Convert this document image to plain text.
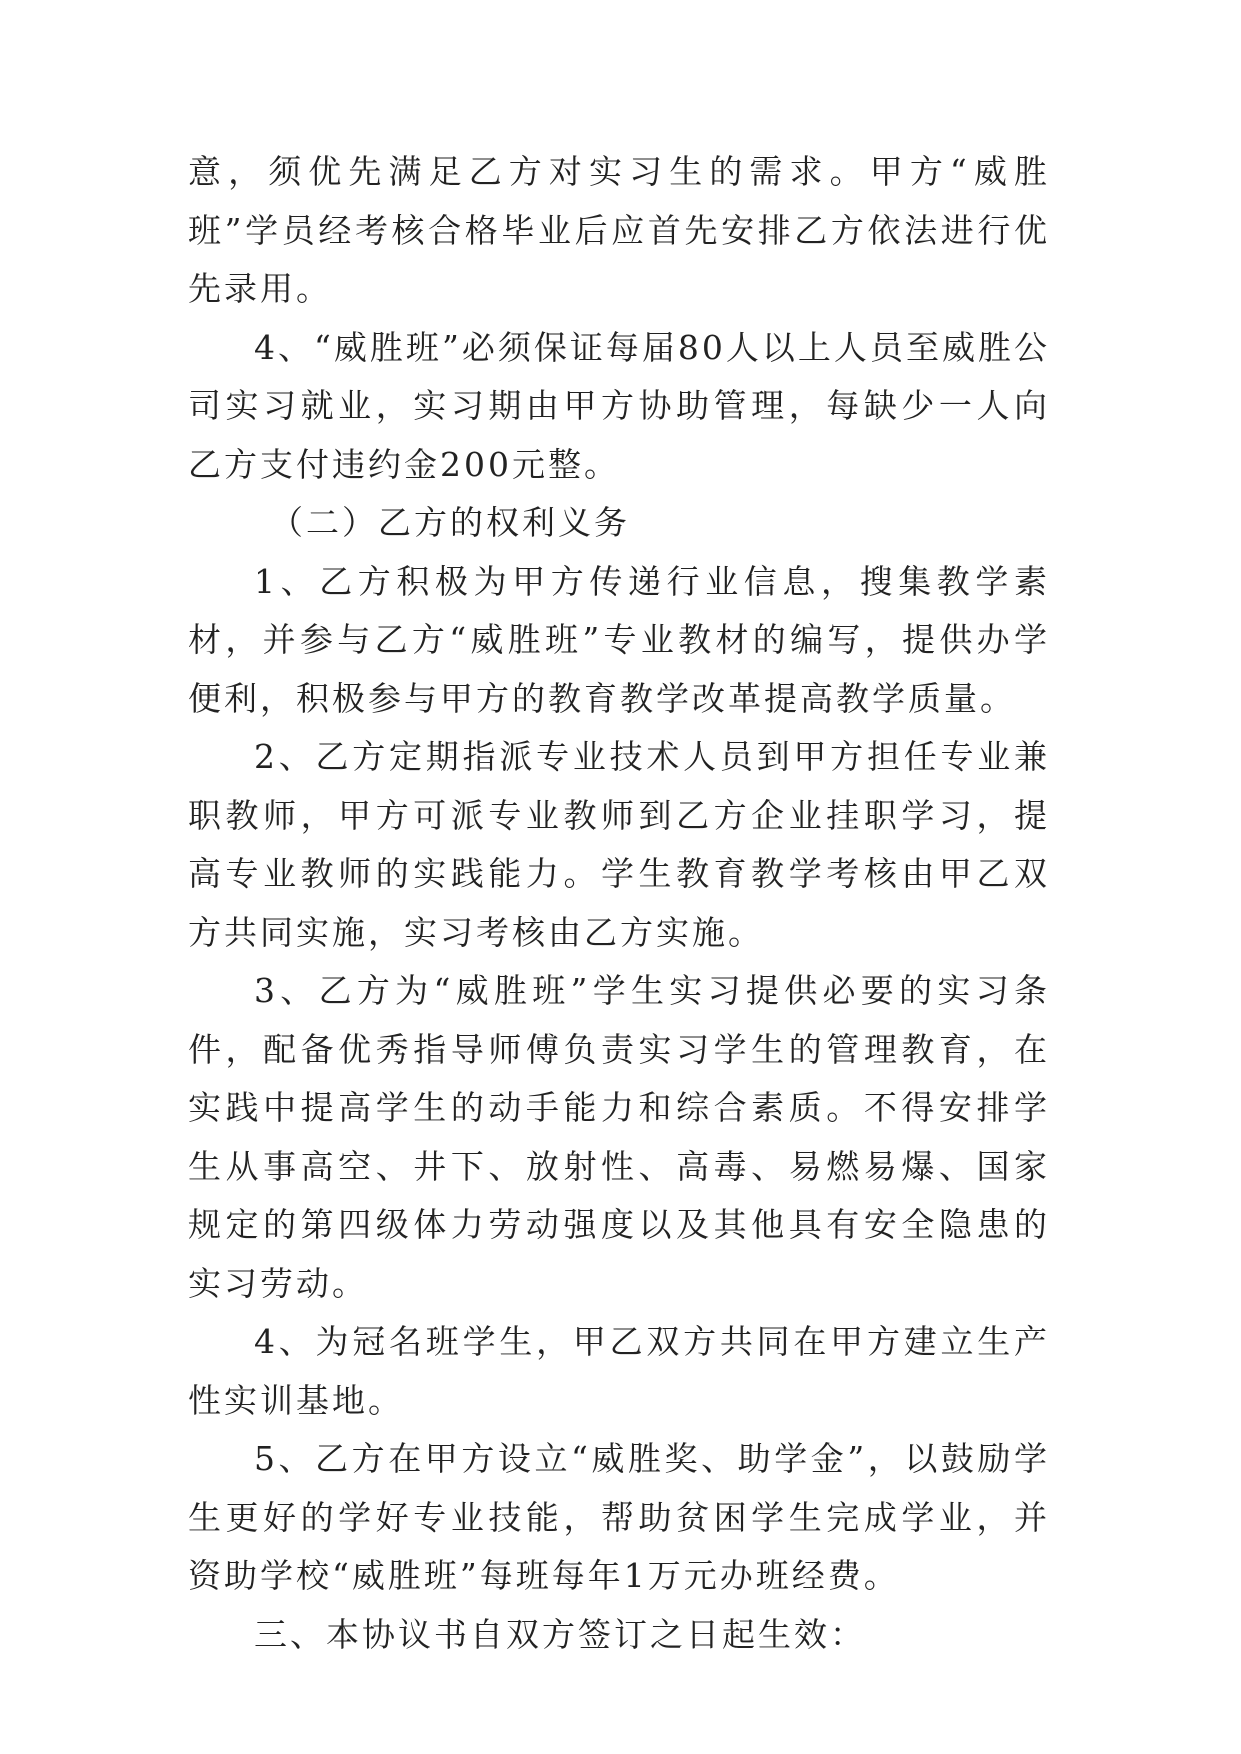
意，须优先满足乙方对实习生的需求。甲方“威胜班”学员经考核合格毕业后应首先安排乙方依法进行优先录用。

4、“威胜班”必须保证每届80人以上人员至威胜公司实习就业，实习期由甲方协助管理，每缺少一人向乙方支付违约金200元整。

（二）乙方的权利义务

1、乙方积极为甲方传递行业信息，搜集教学素材，并参与乙方“威胜班”专业教材的编写，提供办学便利，积极参与甲方的教育教学改革提高教学质量。

2、乙方定期指派专业技术人员到甲方担任专业兼职教师，甲方可派专业教师到乙方企业挂职学习，提高专业教师的实践能力。学生教育教学考核由甲乙双方共同实施，实习考核由乙方实施。

3、乙方为“威胜班”学生实习提供必要的实习条件，配备优秀指导师傅负责实习学生的管理教育，在实践中提高学生的动手能力和综合素质。不得安排学生从事高空、井下、放射性、高毒、易燃易爆、国家规定的第四级体力劳动强度以及其他具有安全隐患的实习劳动。

4、为冠名班学生，甲乙双方共同在甲方建立生产性实训基地。

5、乙方在甲方设立“威胜奖、助学金”，以鼓励学生更好的学好专业技能，帮助贫困学生完成学业，并资助学校“威胜班”每班每年1万元办班经费。

三、本协议书自双方签订之日起生效：
